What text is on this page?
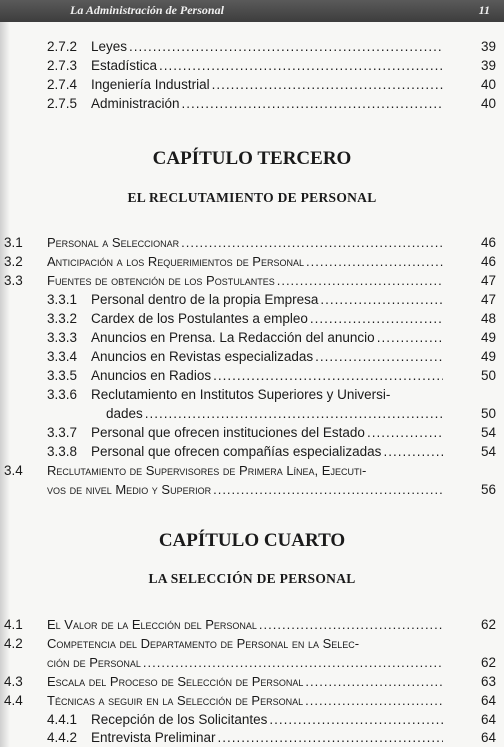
La Administración de Personal	11
2.7.2 Leyes .....	39
2.7.3 Estadística .....	39
2.7.4 Ingeniería Industrial .....	40
2.7.5 Administración .....	40
CAPÍTULO TERCERO
EL RECLUTAMIENTO DE PERSONAL
3.1 Personal a Seleccionar .....	46
3.2 Anticipación a los Requerimientos de Personal .....	46
3.3 Fuentes de obtención de los Postulantes .....	47
3.3.1 Personal dentro de la propia Empresa .....	47
3.3.2 Cardex de los Postulantes a empleo .....	48
3.3.3 Anuncios en Prensa. La Redacción del anuncio .....	49
3.3.4 Anuncios en Revistas especializadas .....	49
3.3.5 Anuncios en Radios .....	50
3.3.6 Reclutamiento en Institutos Superiores y Universi-
dades .....	50
3.3.7 Personal que ofrecen instituciones del Estado .....	54
3.3.8 Personal que ofrecen compañías especializadas .....	54
3.4 Reclutamiento de Supervisores de Primera Línea, Ejecuti-
vos de nivel Medio y Superior .....	56
CAPÍTULO CUARTO
LA SELECCIÓN DE PERSONAL
4.1 El Valor de la Elección del Personal .....	62
4.2 Competencia del Departamento de Personal en la Selec-
ción de Personal .....	62
4.3 Escala del Proceso de Selección de Personal .....	63
4.4 Técnicas a seguir en la Selección de Personal .....	64
4.4.1 Recepción de los Solicitantes .....	64
4.4.2 Entrevista Preliminar .....	64
